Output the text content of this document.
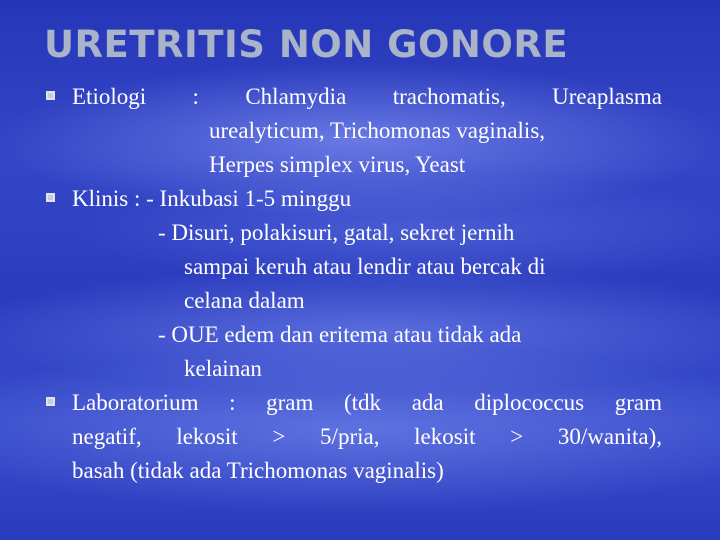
URETRITIS NON GONORE
Etiologi : Chlamydia trachomatis, Ureaplasma
urealyticum, Trichomonas vaginalis,
Herpes simplex virus, Yeast
Klinis : - Inkubasi 1-5 minggu
- Disuri, polakisuri, gatal, sekret jernih
sampai keruh atau lendir atau bercak di
celana dalam
- OUE edem dan eritema atau tidak ada
kelainan
Laboratorium : gram (tdk ada diplococcus gram
negatif, lekosit > 5/pria, lekosit > 30/wanita),
basah (tidak ada Trichomonas vaginalis)
